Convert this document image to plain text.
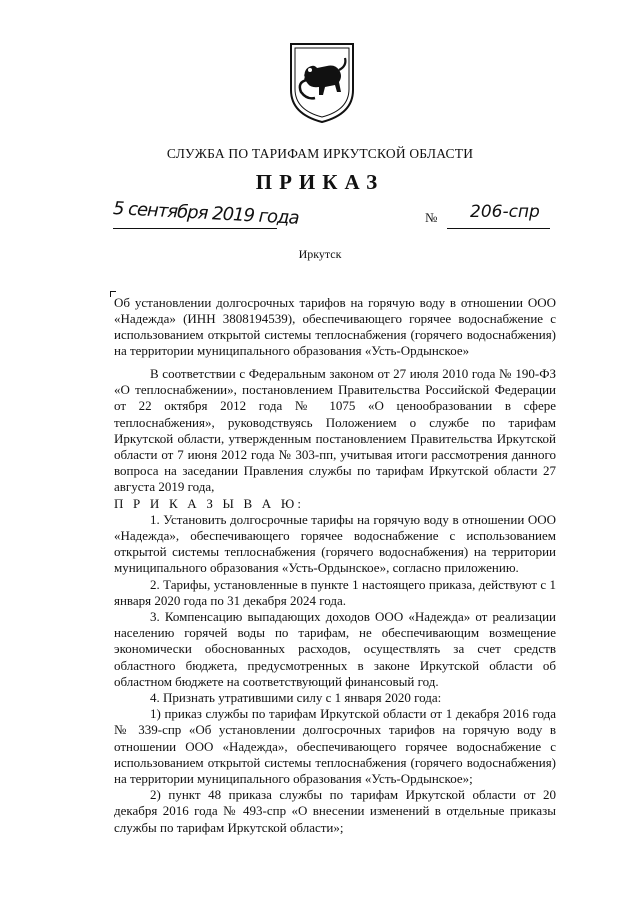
СЛУЖБА ПО ТАРИФАМ ИРКУТСКОЙ ОБЛАСТИ
ПРИКАЗ
5 сентября 2019 года	№ 206-спр
Иркутск
Об установлении долгосрочных тарифов на горячую воду в отношении ООО «Надежда» (ИНН 3808194539), обеспечивающего горячее водоснабжение с использованием открытой системы теплоснабжения (горячего водоснабжения) на территории муниципального образования «Усть-Ордынское»

В соответствии с Федеральным законом от 27 июля 2010 года № 190-ФЗ «О теплоснабжении», постановлением Правительства Российской Федерации от 22 октября 2012 года № 1075 «О ценообразовании в сфере теплоснабжения», руководствуясь Положением о службе по тарифам Иркутской области, утвержденным постановлением Правительства Иркутской области от 7 июня 2012 года № 303-пп, учитывая итоги рассмотрения данного вопроса на заседании Правления службы по тарифам Иркутской области 27 августа 2019 года,

П Р И К А З Ы В А Ю:

1. Установить долгосрочные тарифы на горячую воду в отношении ООО «Надежда», обеспечивающего горячее водоснабжение с использованием открытой системы теплоснабжения (горячего водоснабжения) на территории муниципального образования «Усть-Ордынское», согласно приложению.

2. Тарифы, установленные в пункте 1 настоящего приказа, действуют с 1 января 2020 года по 31 декабря 2024 года.

3. Компенсацию выпадающих доходов ООО «Надежда» от реализации населению горячей воды по тарифам, не обеспечивающим возмещение экономически обоснованных расходов, осуществлять за счет средств областного бюджета, предусмотренных в законе Иркутской области об областном бюджете на соответствующий финансовый год.

4. Признать утратившими силу с 1 января 2020 года:

1) приказ службы по тарифам Иркутской области от 1 декабря 2016 года № 339-спр «Об установлении долгосрочных тарифов на горячую воду в отношении ООО «Надежда», обеспечивающего горячее водоснабжение с использованием открытой системы теплоснабжения (горячего водоснабжения) на территории муниципального образования «Усть-Ордынское»;

2) пункт 48 приказа службы по тарифам Иркутской области от 20 декабря 2016 года № 493-спр «О внесении изменений в отдельные приказы службы по тарифам Иркутской области»;
